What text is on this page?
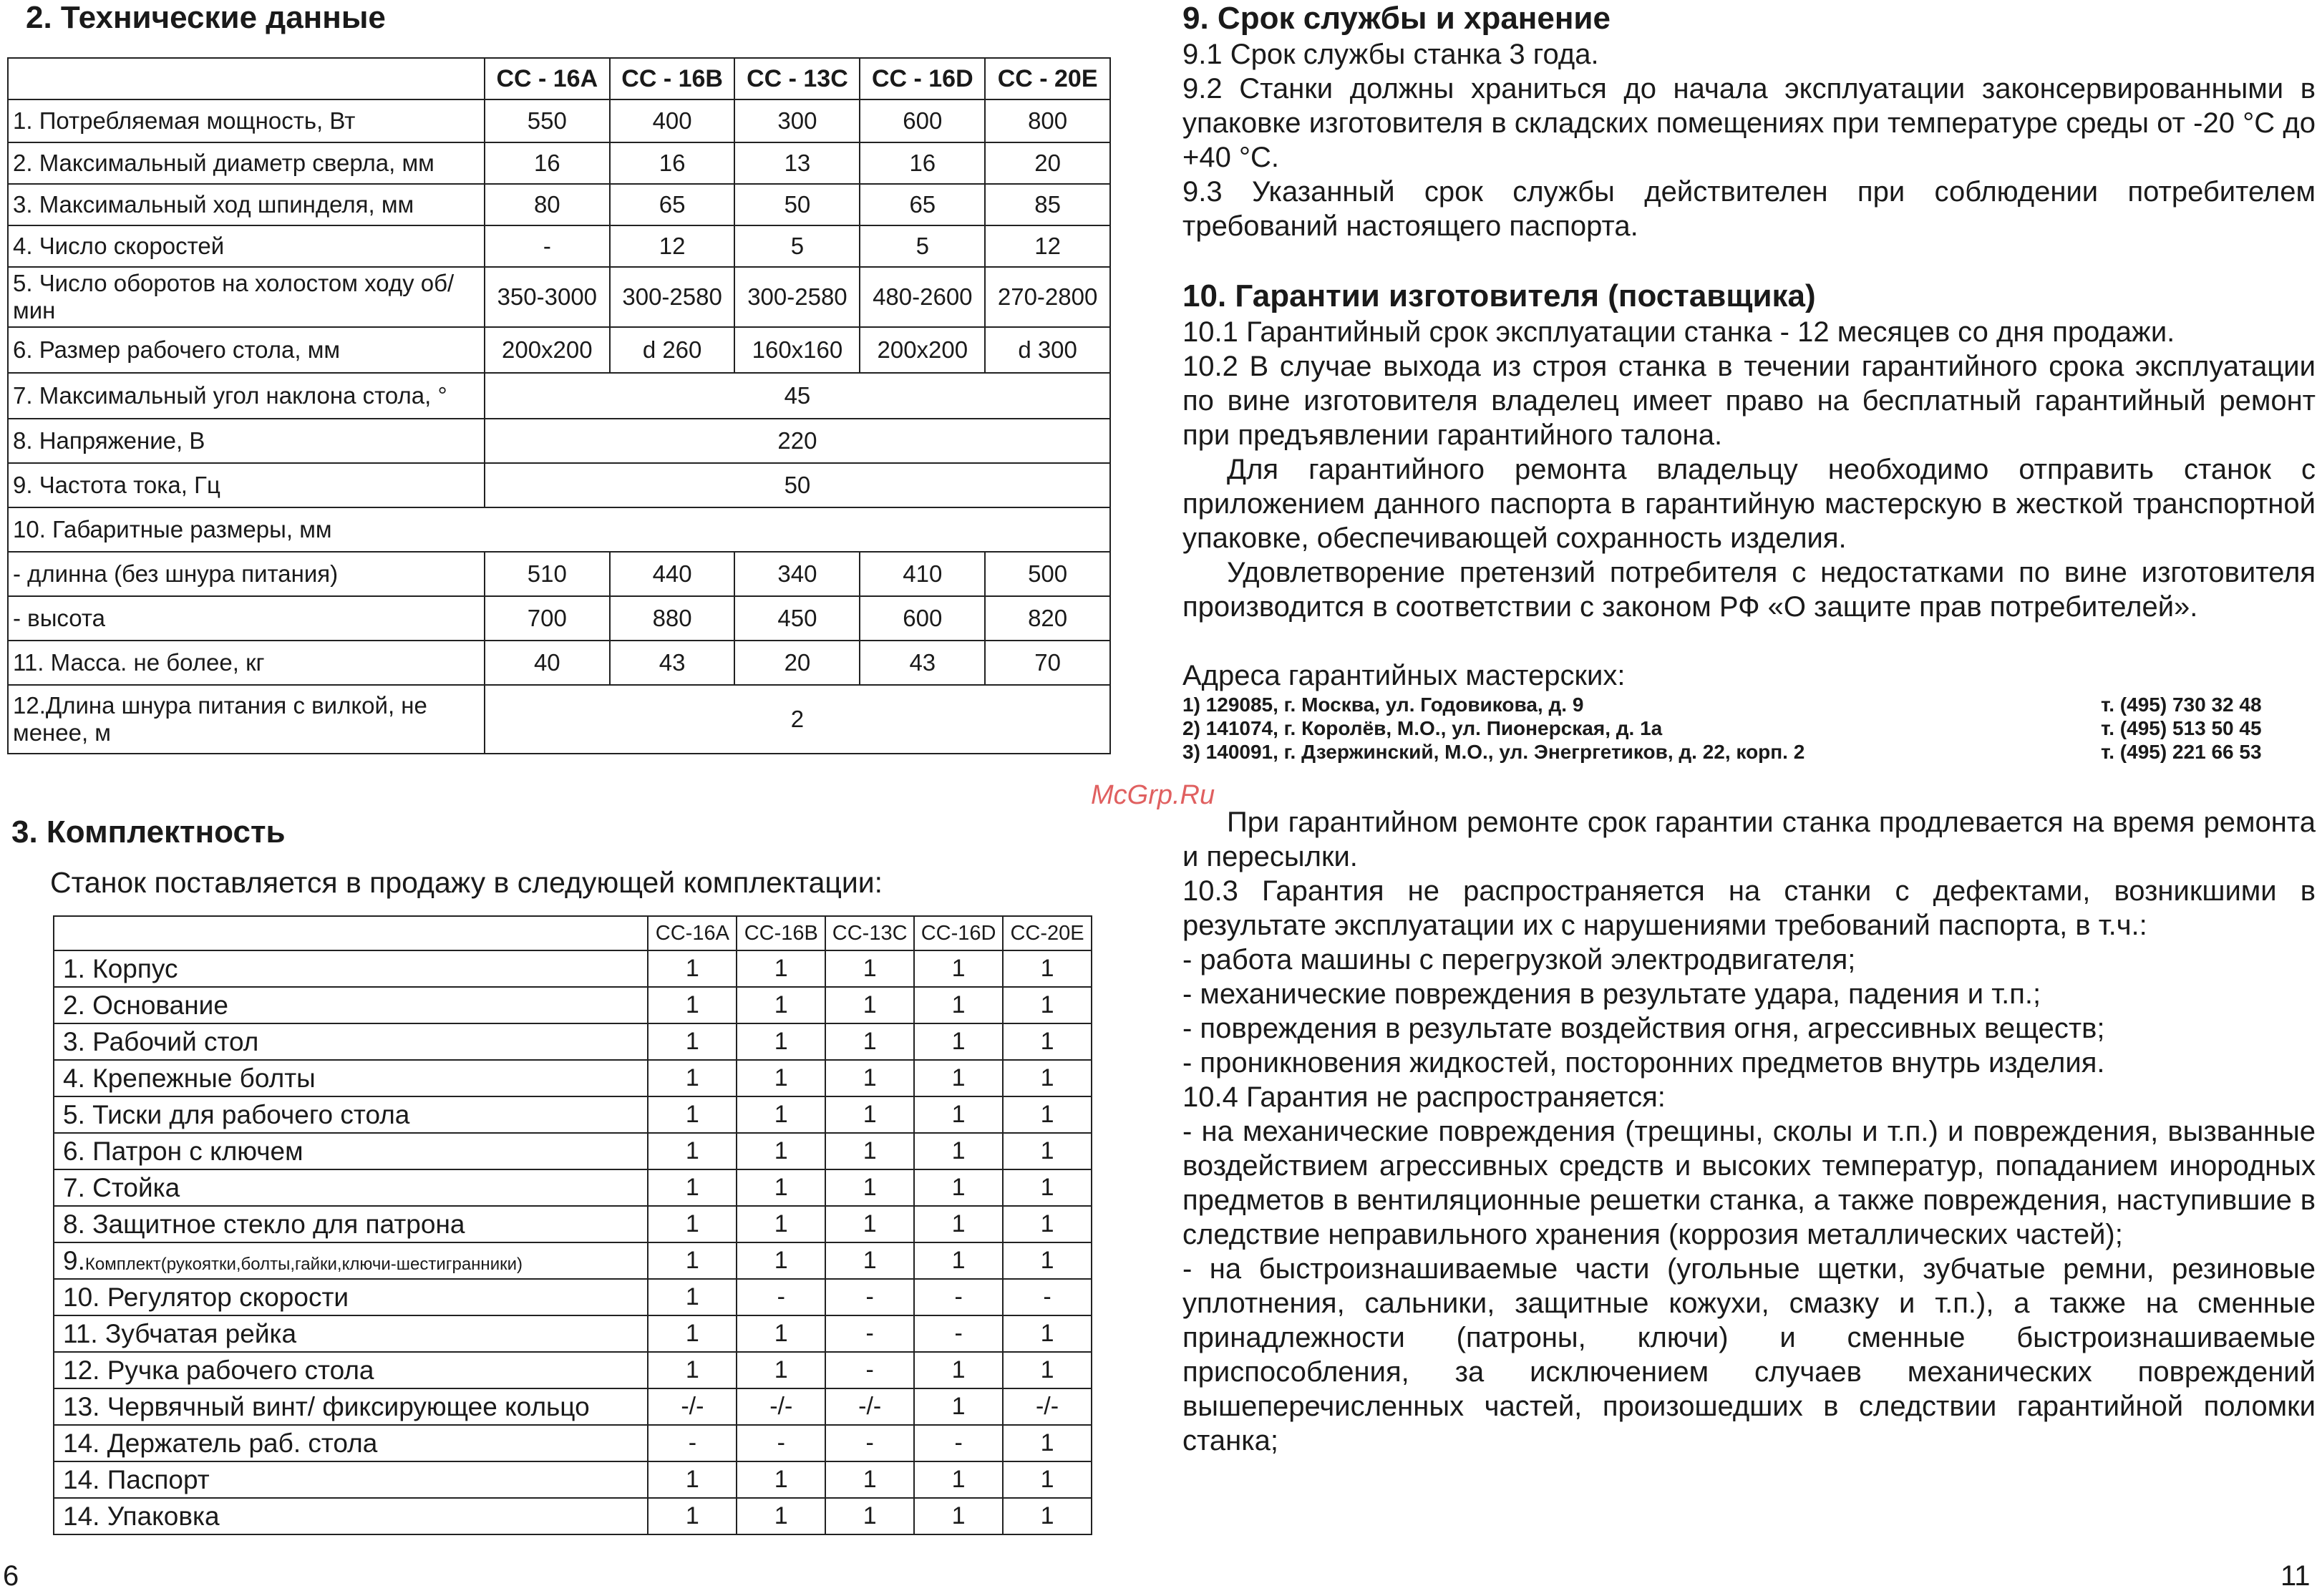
2. Технические данные
	СС - 16А	СС - 16В	СС - 13С	СС - 16D	СС - 20Е
1. Потребляемая мощность, Вт	550	400	300	600	800
2. Максимальный диаметр сверла, мм	16	16	13	16	20
3. Максимальный ход шпинделя, мм	80	65	50	65	85
4. Число скоростей	-	12	5	5	12
5. Число оборотов на холостом ходу об/мин	350-3000	300-2580	300-2580	480-2600	270-2800
6. Размер рабочего стола, мм	200x200	d 260	160x160	200x200	d 300
7. Максимальный угол наклона стола, °	45				
8. Напряжение, В	220				
9. Частота тока, Гц	50				
10. Габаритные размеры, мм					
- длинна (без шнура питания)	510	440	340	410	500
- высота	700	880	450	600	820
11. Масса. не более, кг	40	43	20	43	70
12.Длина шнура питания с вилкой, не менее, м	2				
3. Комплектность
Станок поставляется в продажу в следующей комплектации:
	СС-16А	СС-16В	СС-13С	СС-16D	СС-20Е
1. Корпус	1	1	1	1	1
2. Основание	1	1	1	1	1
3. Рабочий стол	1	1	1	1	1
4. Крепежные болты	1	1	1	1	1
5. Тиски для рабочего стола	1	1	1	1	1
6. Патрон с ключем	1	1	1	1	1
7. Стойка	1	1	1	1	1
8. Защитное стекло для патрона	1	1	1	1	1
9.Комплект(рукоятки,болты,гайки,ключи-шестигранники)	1	1	1	1	1
10. Регулятор скорости	1	-	-	-	-
11. Зубчатая рейка	1	1	-	-	1
12. Ручка рабочего стола	1	1	-	1	1
13. Червячный винт/ фиксирующее кольцо	-/-	-/-	-/-	1	-/-
14. Держатель раб. стола	-	-	-	-	1
14. Паспорт	1	1	1	1	1
14. Упаковка	1	1	1	1	1
6
9. Срок службы и хранение
9.1 Срок службы станка 3 года.
9.2 Станки должны храниться до начала эксплуатации законсервированными в упаковке изготовителя в складских помещениях при температуре среды от -20 °С до +40 °С.
9.3 Указанный срок службы действителен при соблюдении потребителем требований настоящего паспорта.
10. Гарантии изготовителя (поставщика)
10.1 Гарантийный срок эксплуатации станка - 12 месяцев со дня продажи.
10.2 В случае выхода из строя станка в течении гарантийного срока эксплуатации по вине изготовителя владелец имеет право на бесплатный гарантийный ремонт при предъявлении гарантийного талона.
Для гарантийного ремонта владельцу необходимо отправить станок с приложением данного паспорта в гарантийную мастерскую в жесткой транспортной упаковке, обеспечивающей сохранность изделия.
Удовлетворение претензий потребителя с недостатками по вине изготовителя производится в соответствии с законом РФ «О защите прав потребителей».
Адреса гарантийных мастерских:
1) 129085, г. Москва, ул. Годовикова, д. 9	т. (495) 730 32 48
2) 141074, г. Королёв, М.О., ул. Пионерская, д. 1а	т. (495) 513 50 45
3) 140091, г. Дзержинский, М.О., ул. Энегргетиков, д. 22, корп. 2	т. (495) 221 66 53
При гарантийном ремонте срок гарантии станка продлевается на время ремонта и пересылки.
10.3 Гарантия не распространяется на станки с дефектами, возникшими в результате эксплуатации их с нарушениями требований паспорта, в т.ч.:
- работа машины с перегрузкой электродвигателя;
- механические повреждения в результате удара, падения и т.п.;
- повреждения в результате воздействия огня, агрессивных веществ;
- проникновения жидкостей, посторонних предметов внутрь изделия.
10.4 Гарантия не распространяется:
- на механические повреждения (трещины, сколы и т.п.) и повреждения, вызванные воздействием агрессивных средств и высоких температур, попаданием инородных предметов в вентиляционные решетки станка, а также повреждения, наступившие в следствие неправильного хранения (коррозия металлических частей);
- на быстроизнашиваемые части (угольные щетки, зубчатые ремни, резиновые уплотнения, сальники, защитные кожухи, смазку и т.п.), а также на сменные принадлежности (патроны, ключи) и сменные быстроизнашиваемые приспособления, за исключением случаев механических повреждений вышеперечисленных частей, произошедших в следствии гарантийной поломки станка;
McGrp.Ru
11
